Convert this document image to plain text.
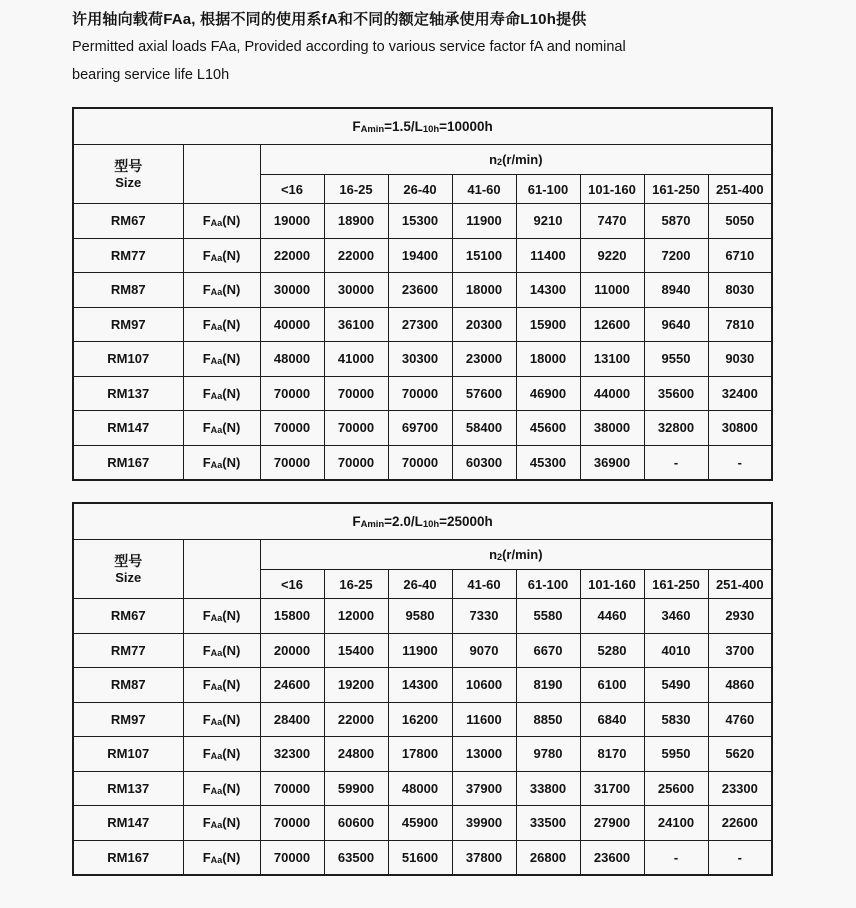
许用轴向载荷FAa, 根据不同的使用系fA和不同的额定轴承使用寿命L10h提供

Permitted axial loads FAa, Provided according to various service factor fA and nominal

bearing service life L10h

$F_{Amin}=1.5/L_{10h}=10000h$									

型号
Size		$n_2(r/\min)$							
		<16	16-25	26-40	41-60	61-100	101-160	161-250	251-400
RM67	$F_{Aa}(N)$	19000	18900	15300	11900	9210	7470	5870	5050
RM77	$F_{Aa}(N)$	22000	22000	19400	15100	11400	9220	7200	6710
RM87	$F_{Aa}(N)$	30000	30000	23600	18000	14300	11000	8940	8030
RM97	$F_{Aa}(N)$	40000	36100	27300	20300	15900	12600	9640	7810
RM107	$F_{Aa}(N)$	48000	41000	30300	23000	18000	13100	9550	9030
RM137	$F_{Aa}(N)$	70000	70000	70000	57600	46900	44000	35600	32400
RM147	$F_{Aa}(N)$	70000	70000	69700	58400	45600	38000	32800	30800
RM167	$F_{Aa}(N)$	70000	70000	70000	60300	45300	36900	-	-
$F_{Amin}=2.0/L_{10h}=25000h$									

型号
Size		$n_2(r/\min)$							
		<16	16-25	26-40	41-60	61-100	101-160	161-250	251-400
RM67	$F_{Aa}(N)$	15800	12000	9580	7330	5580	4460	3460	2930
RM77	$F_{Aa}(N)$	20000	15400	11900	9070	6670	5280	4010	3700
RM87	$F_{Aa}(N)$	24600	19200	14300	10600	8190	6100	5490	4860
RM97	$F_{Aa}(N)$	28400	22000	16200	11600	8850	6840	5830	4760
RM107	$F_{Aa}(N)$	32300	24800	17800	13000	9780	8170	5950	5620
RM137	$F_{Aa}(N)$	70000	59900	48000	37900	33800	31700	25600	23300
RM147	$F_{Aa}(N)$	70000	60600	45900	39900	33500	27900	24100	22600
RM167	$F_{Aa}(N)$	70000	63500	51600	37800	26800	23600	-	-
